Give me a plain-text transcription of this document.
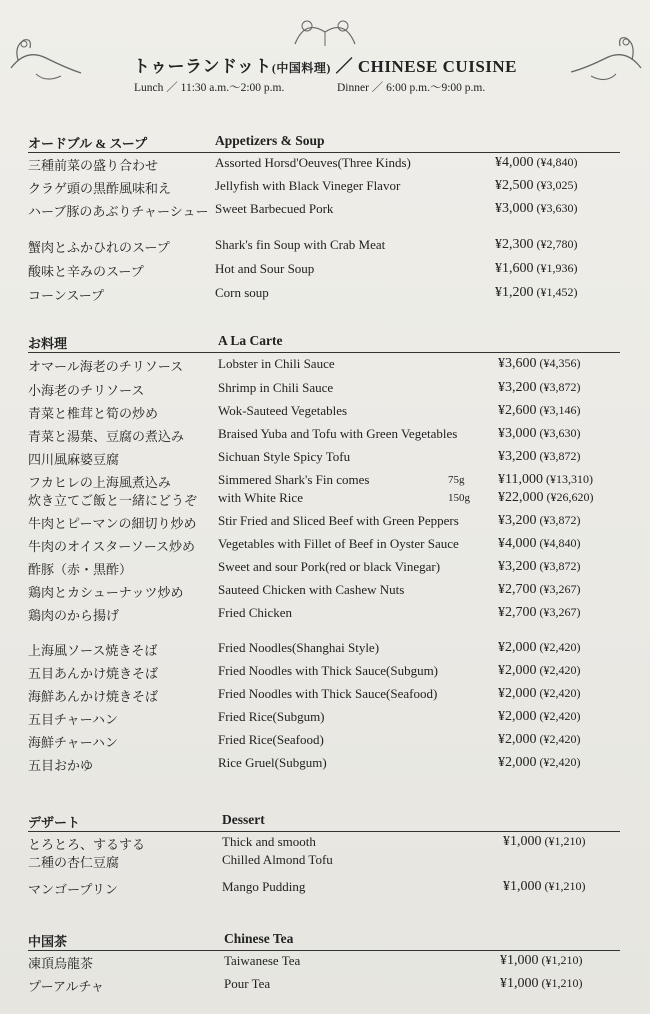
トゥーランドット(中国料理) ／ CHINESE CUISINE
Lunch ／ 11:30 a.m.〜2:00 p.m.	Dinner ／ 6:00 p.m.〜9:00 p.m.
オードブル & スープ	Appetizers & Soup
三種前菜の盛り合わせ	Assorted Horsd'Oeuves(Three Kinds)	¥4,000 (¥4,840)
クラゲ頭の黒酢風味和え	Jellyfish with Black Vineger Flavor	¥2,500 (¥3,025)
ハーブ豚のあぶりチャーシュー Sweet Barbecued Pork	¥3,000 (¥3,630)
蟹肉とふかひれのスープ	Shark's fin Soup with Crab Meat	¥2,300 (¥2,780)
酸味と辛みのスープ	Hot and Sour Soup	¥1,600 (¥1,936)
コーンスープ	Corn soup	¥1,200 (¥1,452)
お料理	A La Carte
オマール海老のチリソース	Lobster in Chili Sauce	¥3,600 (¥4,356)
小海老のチリソース	Shrimp in Chili Sauce	¥3,200 (¥3,872)
青菜と椎茸と筍の炒め	Wok-Sauteed Vegetables	¥2,600 (¥3,146)
青菜と湯葉、豆腐の煮込み	Braised Yuba and Tofu with Green Vegetables	¥3,000 (¥3,630)
四川風麻婆豆腐	Sichuan Style Spicy Tofu	¥3,200 (¥3,872)
フカヒレの上海風煮込み	Simmered Shark's Fin comes	75g ¥11,000 (¥13,310)
炊き立てご飯と一緒にどうぞ with White Rice	150g ¥22,000 (¥26,620)
牛肉とピーマンの細切り炒め Stir Fried and Sliced Beef with Green Peppers	¥3,200 (¥3,872)
牛肉のオイスターソース炒め Vegetables with Fillet of Beef in Oyster Sauce	¥4,000 (¥4,840)
酢豚（赤・黒酢）	Sweet and sour Pork(red or black Vinegar)	¥3,200 (¥3,872)
鶏肉とカシューナッツ炒め	Sauteed Chicken with Cashew Nuts	¥2,700 (¥3,267)
鶏肉のから揚げ	Fried Chicken	¥2,700 (¥3,267)
上海風ソース焼きそば	Fried Noodles(Shanghai Style)	¥2,000 (¥2,420)
五目あんかけ焼きそば	Fried Noodles with Thick Sauce(Subgum)	¥2,000 (¥2,420)
海鮮あんかけ焼きそば	Fried Noodles with Thick Sauce(Seafood)	¥2,000 (¥2,420)
五目チャーハン	Fried Rice(Subgum)	¥2,000 (¥2,420)
海鮮チャーハン	Fried Rice(Seafood)	¥2,000 (¥2,420)
五目おかゆ	Rice Gruel(Subgum)	¥2,000 (¥2,420)
デザート	Dessert
とろとろ、するする	Thick and smooth	¥1,000 (¥1,210)
二種の杏仁豆腐	Chilled Almond Tofu
マンゴープリン	Mango Pudding	¥1,000 (¥1,210)
中国茶	Chinese Tea
凍頂烏龍茶	Taiwanese Tea	¥1,000 (¥1,210)
プーアルチャ	Pour Tea	¥1,000 (¥1,210)
